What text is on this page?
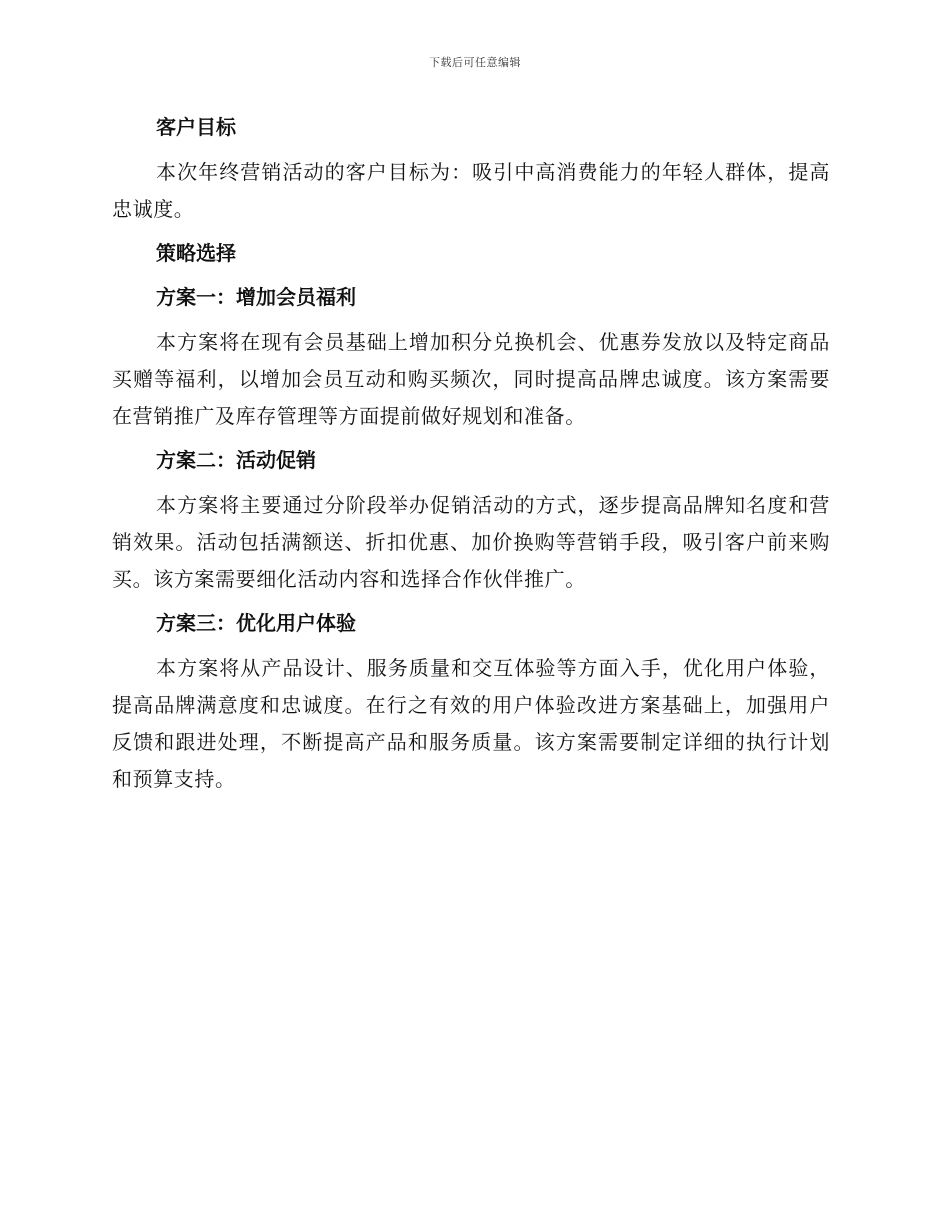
下载后可任意编辑
客户目标

本次年终营销活动的客户目标为：吸引中高消费能力的年轻人群体，提高忠诚度。

策略选择
方案一：增加会员福利

本方案将在现有会员基础上增加积分兑换机会、优惠券发放以及特定商品买赠等福利，以增加会员互动和购买频次，同时提高品牌忠诚度。该方案需要在营销推广及库存管理等方面提前做好规划和准备。

方案二：活动促销

本方案将主要通过分阶段举办促销活动的方式，逐步提高品牌知名度和营销效果。活动包括满额送、折扣优惠、加价换购等营销手段，吸引客户前来购买。该方案需要细化活动内容和选择合作伙伴推广。

方案三：优化用户体验

本方案将从产品设计、服务质量和交互体验等方面入手，优化用户体验，提高品牌满意度和忠诚度。在行之有效的用户体验改进方案基础上，加强用户反馈和跟进处理，不断提高产品和服务质量。该方案需要制定详细的执行计划和预算支持。
